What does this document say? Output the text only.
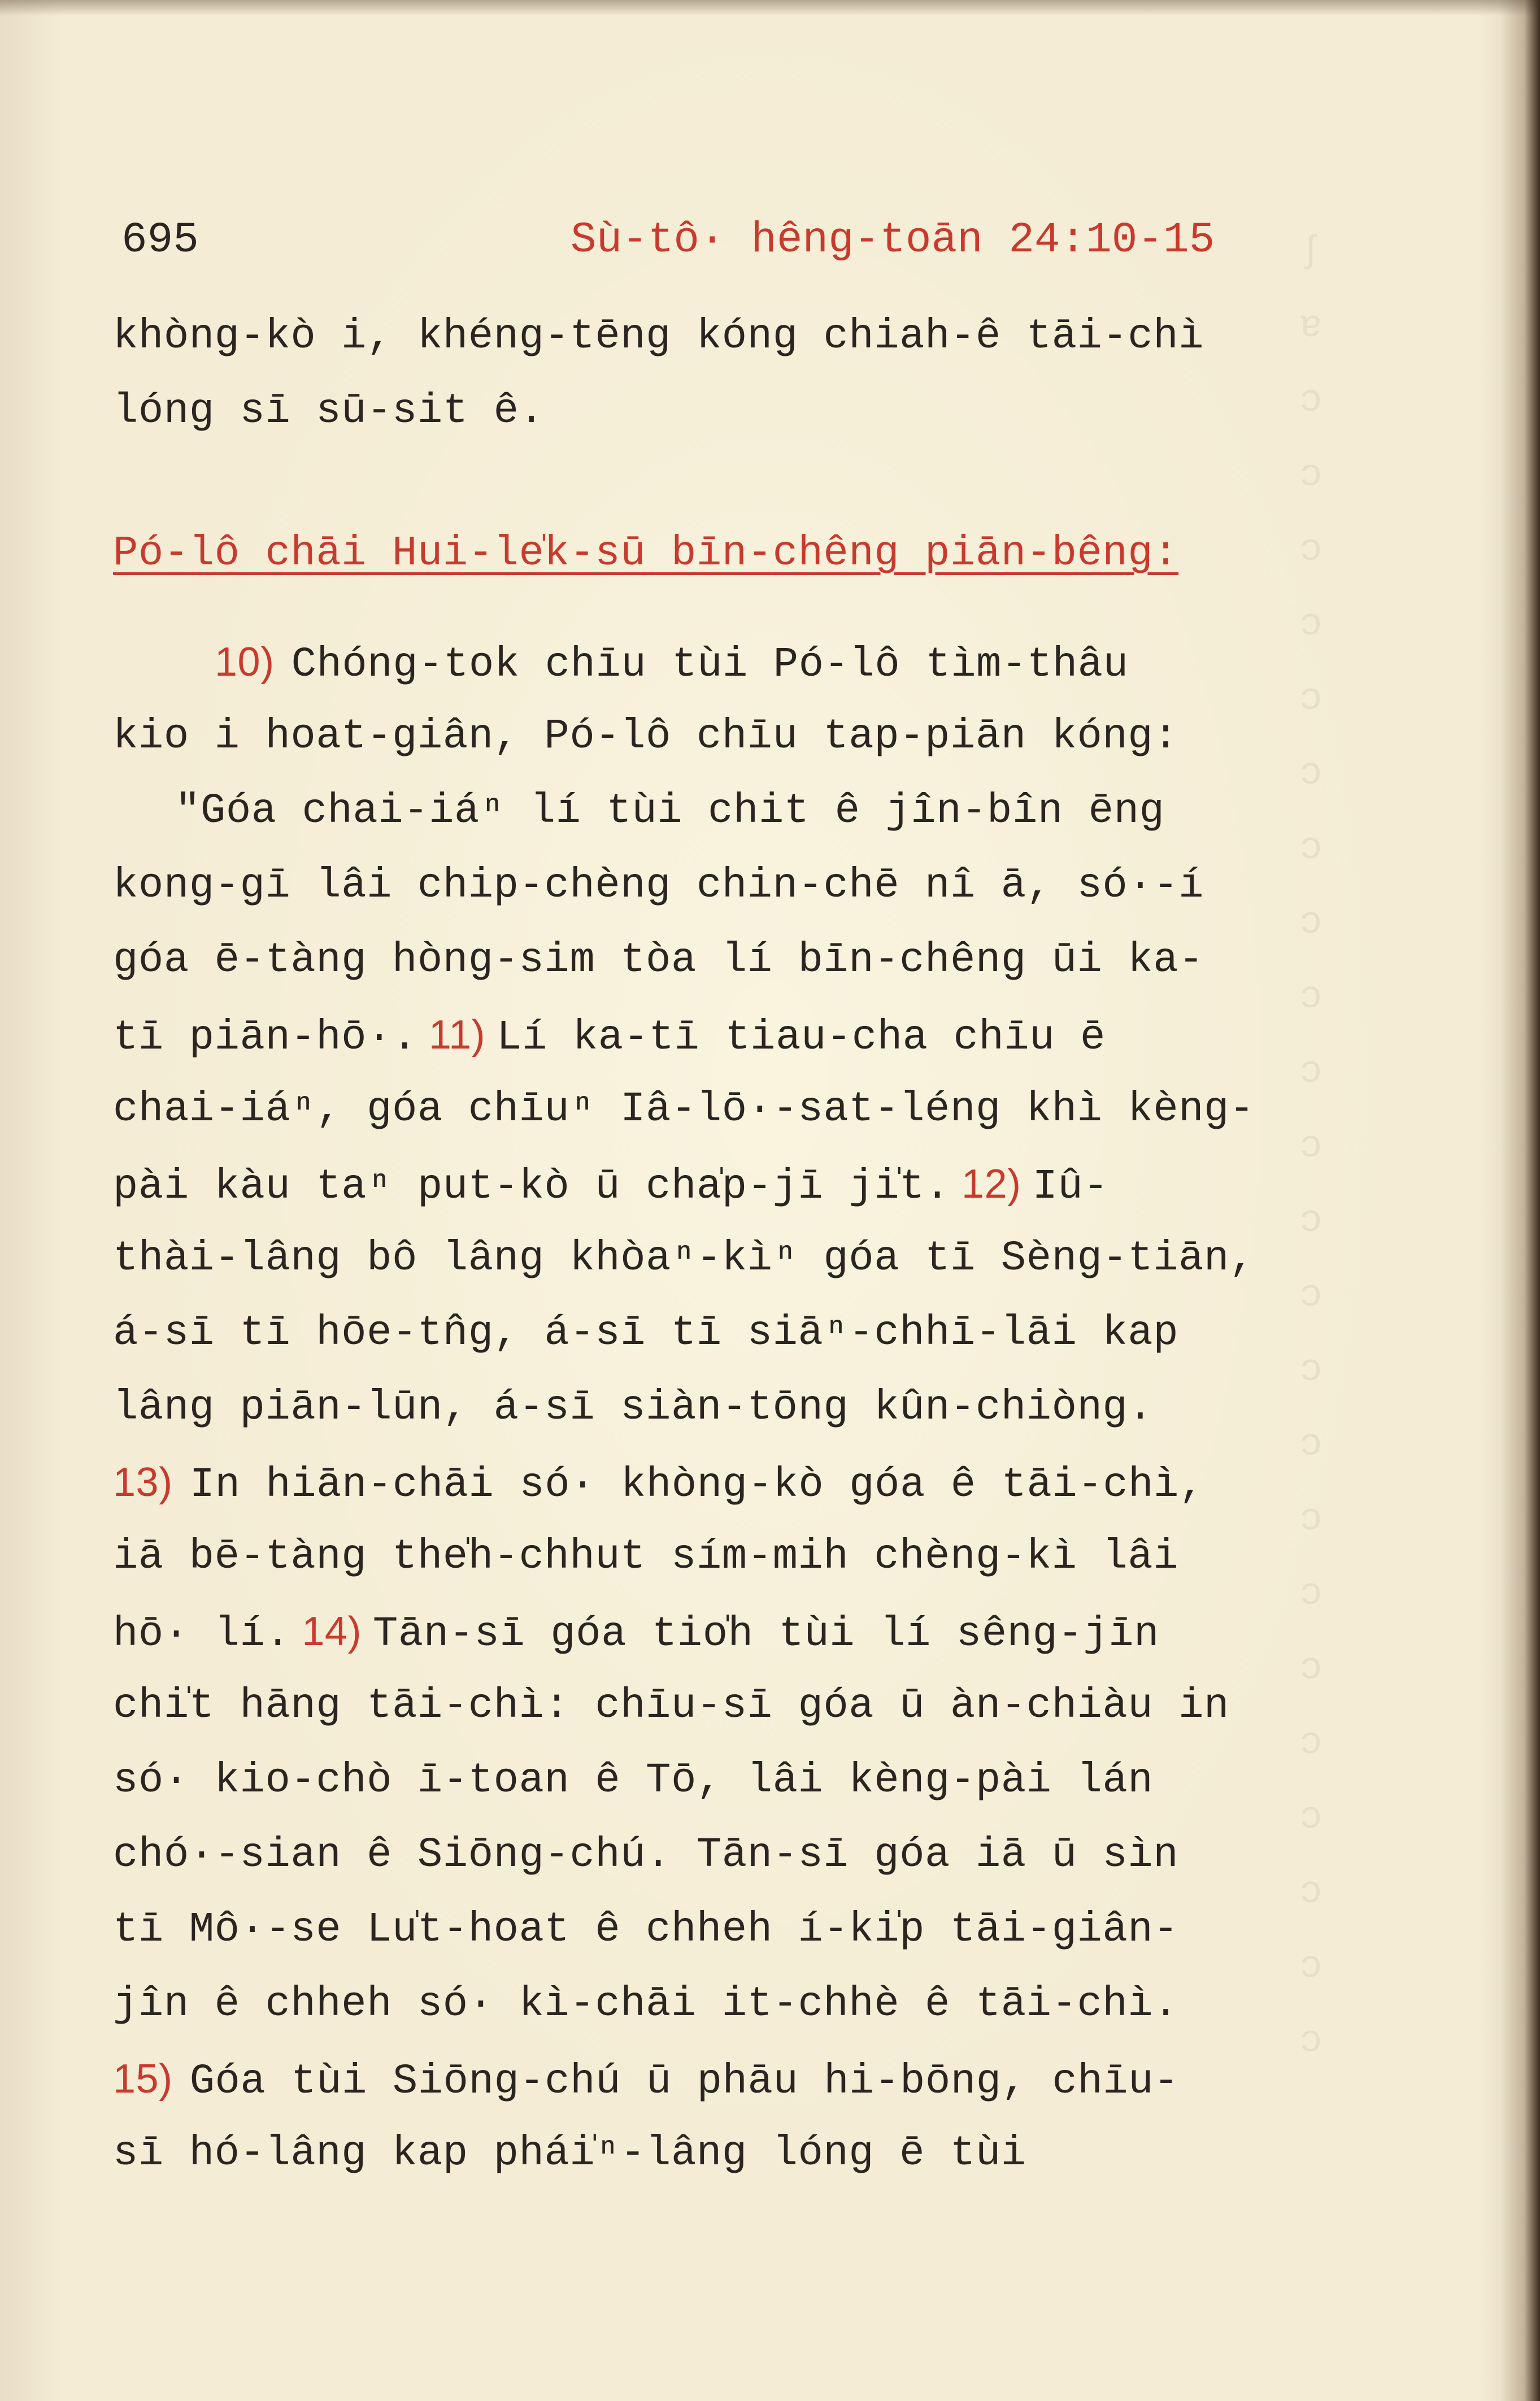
ʃ
ɐ
ɔ
ɔ
ɔ
ɔ
ɔ
ɔ
ɔ
ɔ
ɔ
ɔ
ɔ
ɔ
ɔ
ɔ
ɔ
ɔ
ɔ
ɔ
ɔ
ɔ
ɔ
ɔ
ɔ
695	Sù-tô· hêng-toān 24:10-15
khòng-kò i, khéng-tēng kóng chiah-ê tāi-chì
lóng sī sū-sit ê.
Pó-lô chāi Hui-le̍k-sū bīn-chêng piān-bêng:
10) Chóng-tok chīu tùi Pó-lô tìm-thâu
kio i hoat-giân, Pó-lô chīu tap-piān kóng:
"Góa chai-iáⁿ lí tùi chit ê jîn-bîn ēng
kong-gī lâi chip-chèng chin-chē nî ā, só·-í
góa ē-tàng hòng-sim tòa lí bīn-chêng ūi ka-
tī piān-hō·. 11) Lí ka-tī tiau-cha chīu ē
chai-iáⁿ, góa chīuⁿ Iâ-lō·-sat-léng khì kèng-
pài kàu taⁿ put-kò ū cha̍p-jī ji̍t. 12) Iû-
thài-lâng bô lâng khòaⁿ-kìⁿ góa tī Sèng-tiān,
á-sī tī hōe-tn̂g, á-sī tī siāⁿ-chhī-lāi kap
lâng piān-lūn, á-sī siàn-tōng kûn-chiòng.
13) In hiān-chāi só· khòng-kò góa ê tāi-chì,
iā bē-tàng the̍h-chhut sím-mih chèng-kì lâi
hō· lí. 14) Tān-sī góa tio̍h tùi lí sêng-jīn
chi̍t hāng tāi-chì: chīu-sī góa ū àn-chiàu in
só· kio-chò ī-toan ê Tō, lâi kèng-pài lán
chó·-sian ê Siōng-chú. Tān-sī góa iā ū sìn
tī Mô·-se Lu̍t-hoat ê chheh í-ki̍p tāi-giân-
jîn ê chheh só· kì-chāi it-chhè ê tāi-chì.
15) Góa tùi Siōng-chú ū phāu hi-bōng, chīu-
sī hó-lâng kap phái̍ⁿ-lâng lóng ē tùi
